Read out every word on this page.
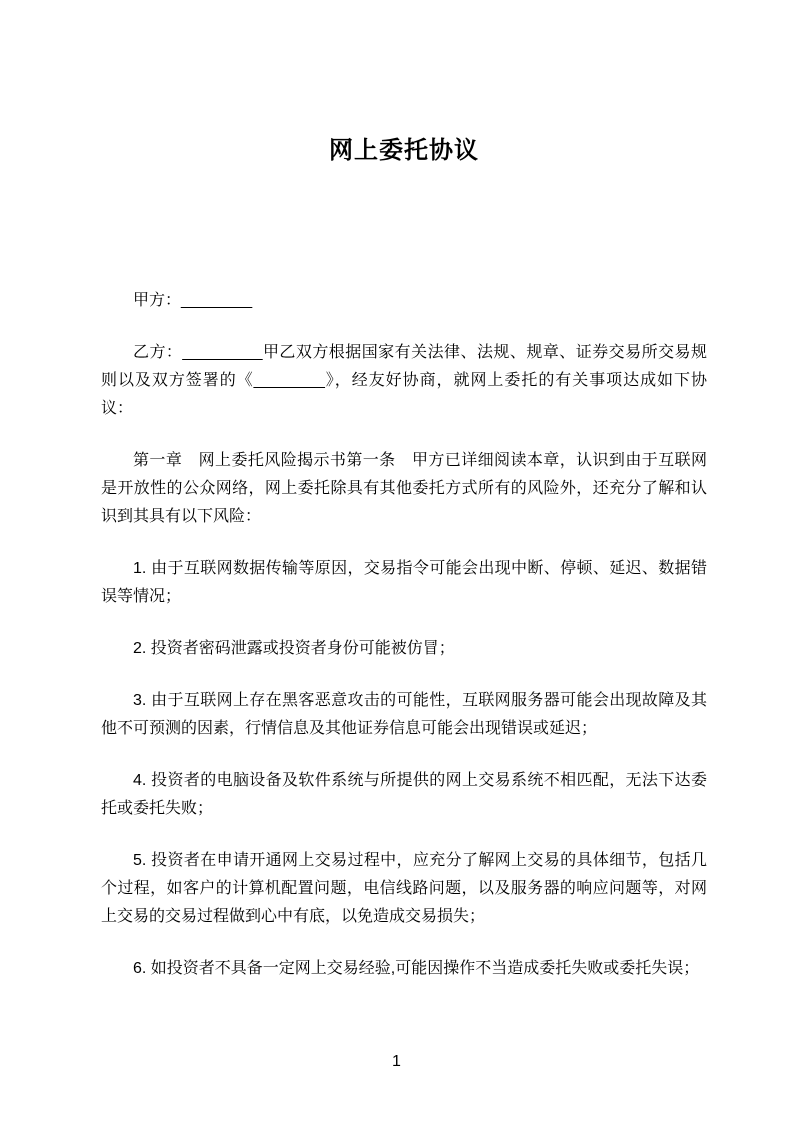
网上委托协议

甲方：________

乙方：_________甲乙双方根据国家有关法律、法规、规章、证券交易所交易规则以及双方签署的《________》，经友好协商，就网上委托的有关事项达成如下协议：

第一章　网上委托风险揭示书第一条　甲方已详细阅读本章，认识到由于互联网是开放性的公众网络，网上委托除具有其他委托方式所有的风险外，还充分了解和认识到其具有以下风险：

1. 由于互联网数据传输等原因，交易指令可能会出现中断、停顿、延迟、数据错误等情况；

2. 投资者密码泄露或投资者身份可能被仿冒；

3. 由于互联网上存在黑客恶意攻击的可能性，互联网服务器可能会出现故障及其他不可预测的因素，行情信息及其他证券信息可能会出现错误或延迟；

4. 投资者的电脑设备及软件系统与所提供的网上交易系统不相匹配，无法下达委托或委托失败；

5. 投资者在申请开通网上交易过程中，应充分了解网上交易的具体细节，包括几个过程，如客户的计算机配置问题，电信线路问题，以及服务器的响应问题等，对网上交易的交易过程做到心中有底，以免造成交易损失；

6. 如投资者不具备一定网上交易经验,可能因操作不当造成委托失败或委托失误；

1
